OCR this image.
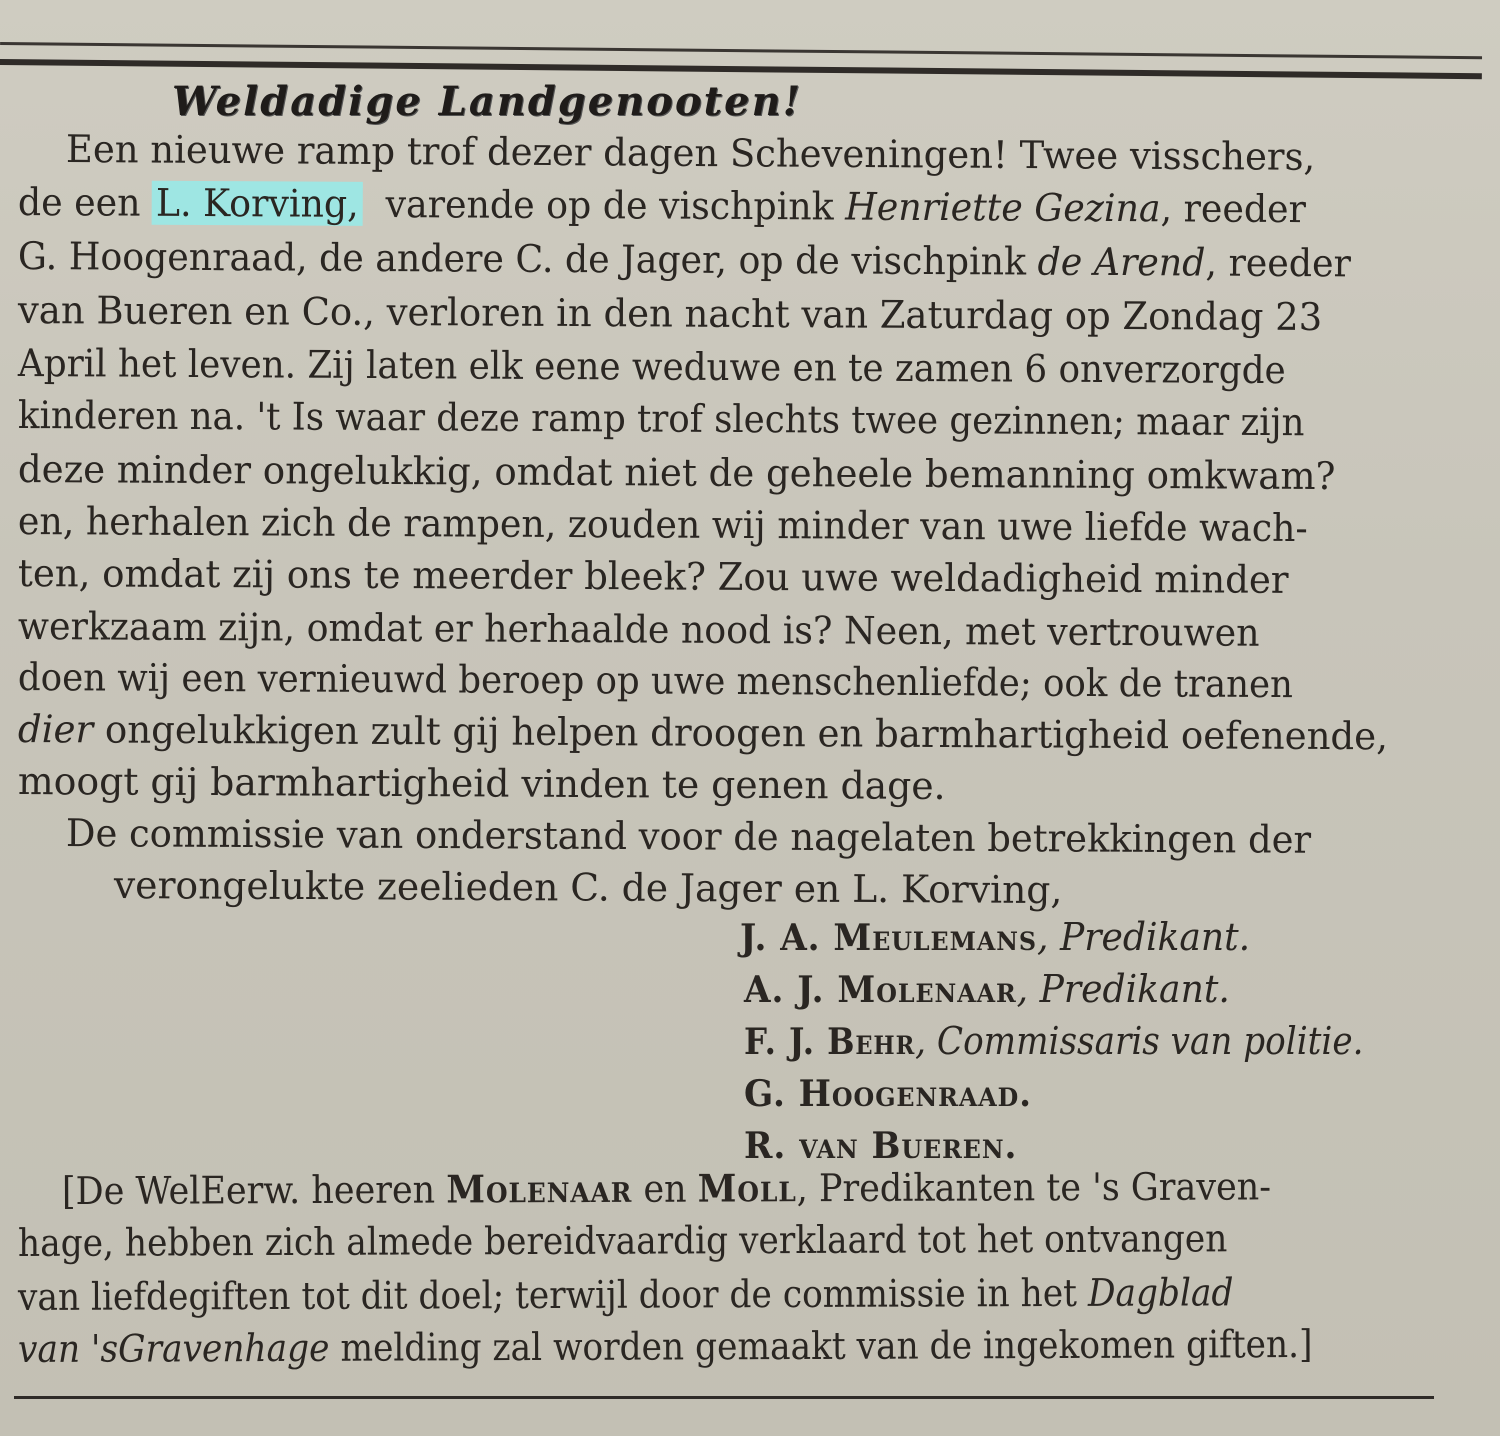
Weldadige Landgenooten!
Een nieuwe ramp trof dezer dagen Scheveningen! Twee visschers,
de een L. Korving, varende op de vischpink Henriette Gezina, reeder
G. Hoogenraad, de andere C. de Jager, op de vischpink de Arend, reeder
van Bueren en Co., verloren in den nacht van Zaturdag op Zondag 23
April het leven. Zij laten elk eene weduwe en te zamen 6 onverzorgde
kinderen na. 't Is waar deze ramp trof slechts twee gezinnen; maar zijn
deze minder ongelukkig, omdat niet de geheele bemanning omkwam?
en, herhalen zich de rampen, zouden wij minder van uwe liefde wach-
ten, omdat zij ons te meerder bleek? Zou uwe weldadigheid minder
werkzaam zijn, omdat er herhaalde nood is? Neen, met vertrouwen
doen wij een vernieuwd beroep op uwe menschenliefde; ook de tranen
dier ongelukkigen zult gij helpen droogen en barmhartigheid oefenende,
moogt gij barmhartigheid vinden te genen dage.
De commissie van onderstand voor de nagelaten betrekkingen der
verongelukte zeelieden C. de Jager en L. Korving,
J. A. Meulemans, Predikant.
A. J. Molenaar, Predikant.
F. J. Behr, Commissaris van politie.
G. Hoogenraad.
R. van Bueren.
[De WelEerw. heeren Molenaar en Moll, Predikanten te 's Graven-
hage, hebben zich almede bereidvaardig verklaard tot het ontvangen
van liefdegiften tot dit doel; terwijl door de commissie in het Dagblad
van 'sGravenhage melding zal worden gemaakt van de ingekomen giften.]
